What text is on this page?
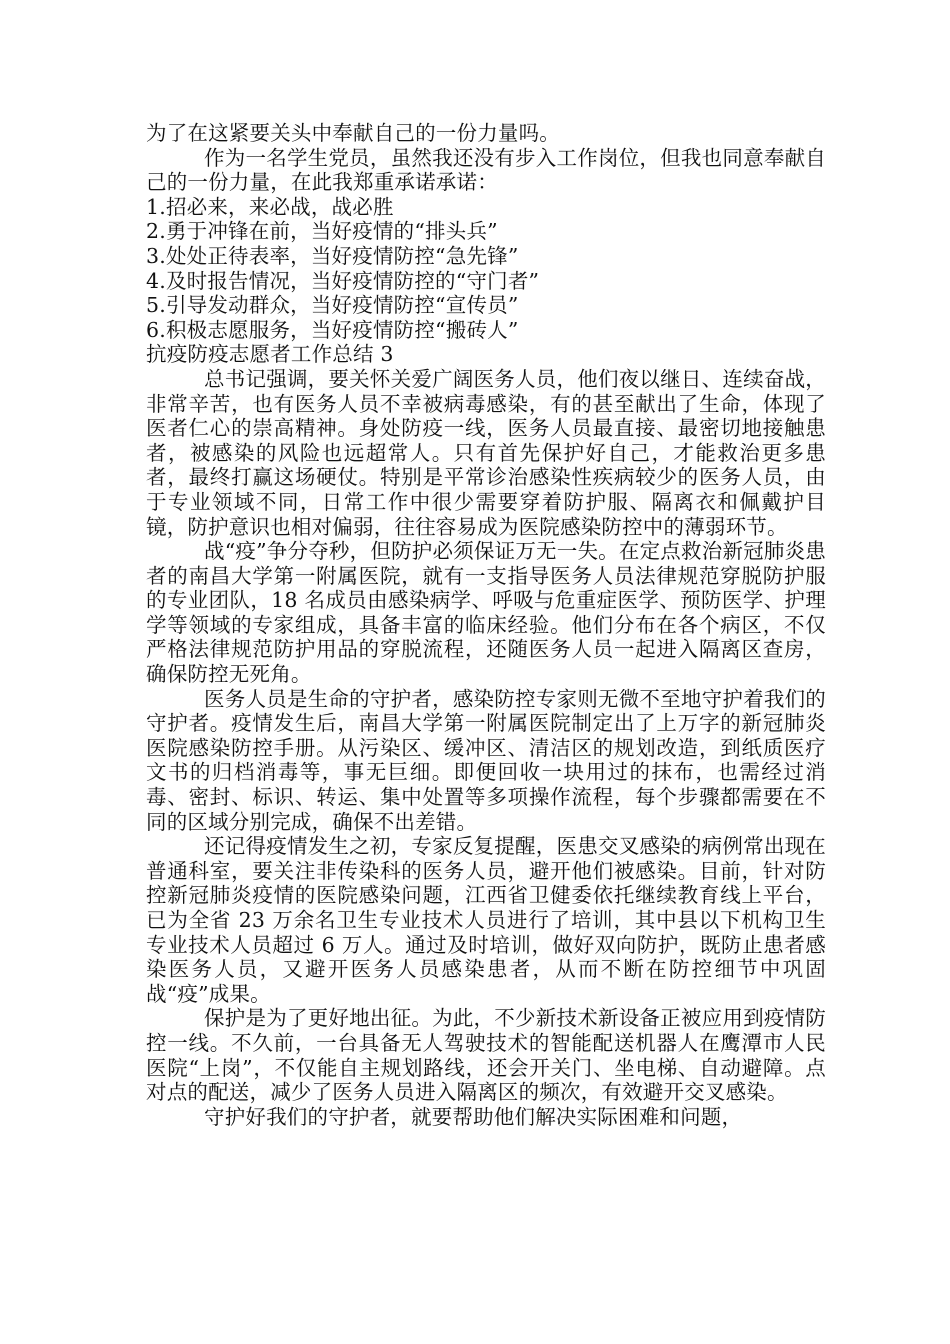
为了在这紧要关头中奉献自己的一份力量吗。

作为一名学生党员，虽然我还没有步入工作岗位，但我也同意奉献自己的一份力量，在此我郑重承诺承诺：

1.招必来，来必战，战必胜

2.勇于冲锋在前，当好疫情的“排头兵”

3.处处正待表率，当好疫情防控“急先锋”

4.及时报告情况，当好疫情防控的“守门者”

5.引导发动群众，当好疫情防控“宣传员”

6.积极志愿服务，当好疫情防控“搬砖人”

抗疫防疫志愿者工作总结 3

总书记强调，要关怀关爱广阔医务人员，他们夜以继日、连续奋战，非常辛苦，也有医务人员不幸被病毒感染，有的甚至献出了生命，体现了医者仁心的崇高精神。身处防疫一线，医务人员最直接、最密切地接触患者，被感染的风险也远超常人。只有首先保护好自己，才能救治更多患者，最终打赢这场硬仗。特别是平常诊治感染性疾病较少的医务人员，由于专业领域不同，日常工作中很少需要穿着防护服、隔离衣和佩戴护目镜，防护意识也相对偏弱，往往容易成为医院感染防控中的薄弱环节。

战“疫”争分夺秒，但防护必须保证万无一失。在定点救治新冠肺炎患者的南昌大学第一附属医院，就有一支指导医务人员法律规范穿脱防护服的专业团队，18 名成员由感染病学、呼吸与危重症医学、预防医学、护理学等领域的专家组成，具备丰富的临床经验。他们分布在各个病区，不仅严格法律规范防护用品的穿脱流程，还随医务人员一起进入隔离区查房，确保防控无死角。

医务人员是生命的守护者，感染防控专家则无微不至地守护着我们的守护者。疫情发生后，南昌大学第一附属医院制定出了上万字的新冠肺炎医院感染防控手册。从污染区、缓冲区、清洁区的规划改造，到纸质医疗文书的归档消毒等，事无巨细。即便回收一块用过的抹布，也需经过消毒、密封、标识、转运、集中处置等多项操作流程，每个步骤都需要在不同的区域分别完成，确保不出差错。

还记得疫情发生之初，专家反复提醒，医患交叉感染的病例常出现在普通科室，要关注非传染科的医务人员，避开他们被感染。目前，针对防控新冠肺炎疫情的医院感染问题，江西省卫健委依托继续教育线上平台，已为全省 23 万余名卫生专业技术人员进行了培训，其中县以下机构卫生专业技术人员超过 6 万人。通过及时培训，做好双向防护，既防止患者感染医务人员，又避开医务人员感染患者，从而不断在防控细节中巩固战“疫”成果。

保护是为了更好地出征。为此，不少新技术新设备正被应用到疫情防控一线。不久前，一台具备无人驾驶技术的智能配送机器人在鹰潭市人民医院“上岗”，不仅能自主规划路线，还会开关门、坐电梯、自动避障。点对点的配送，减少了医务人员进入隔离区的频次，有效避开交叉感染。

守护好我们的守护者，就要帮助他们解决实际困难和问题，
